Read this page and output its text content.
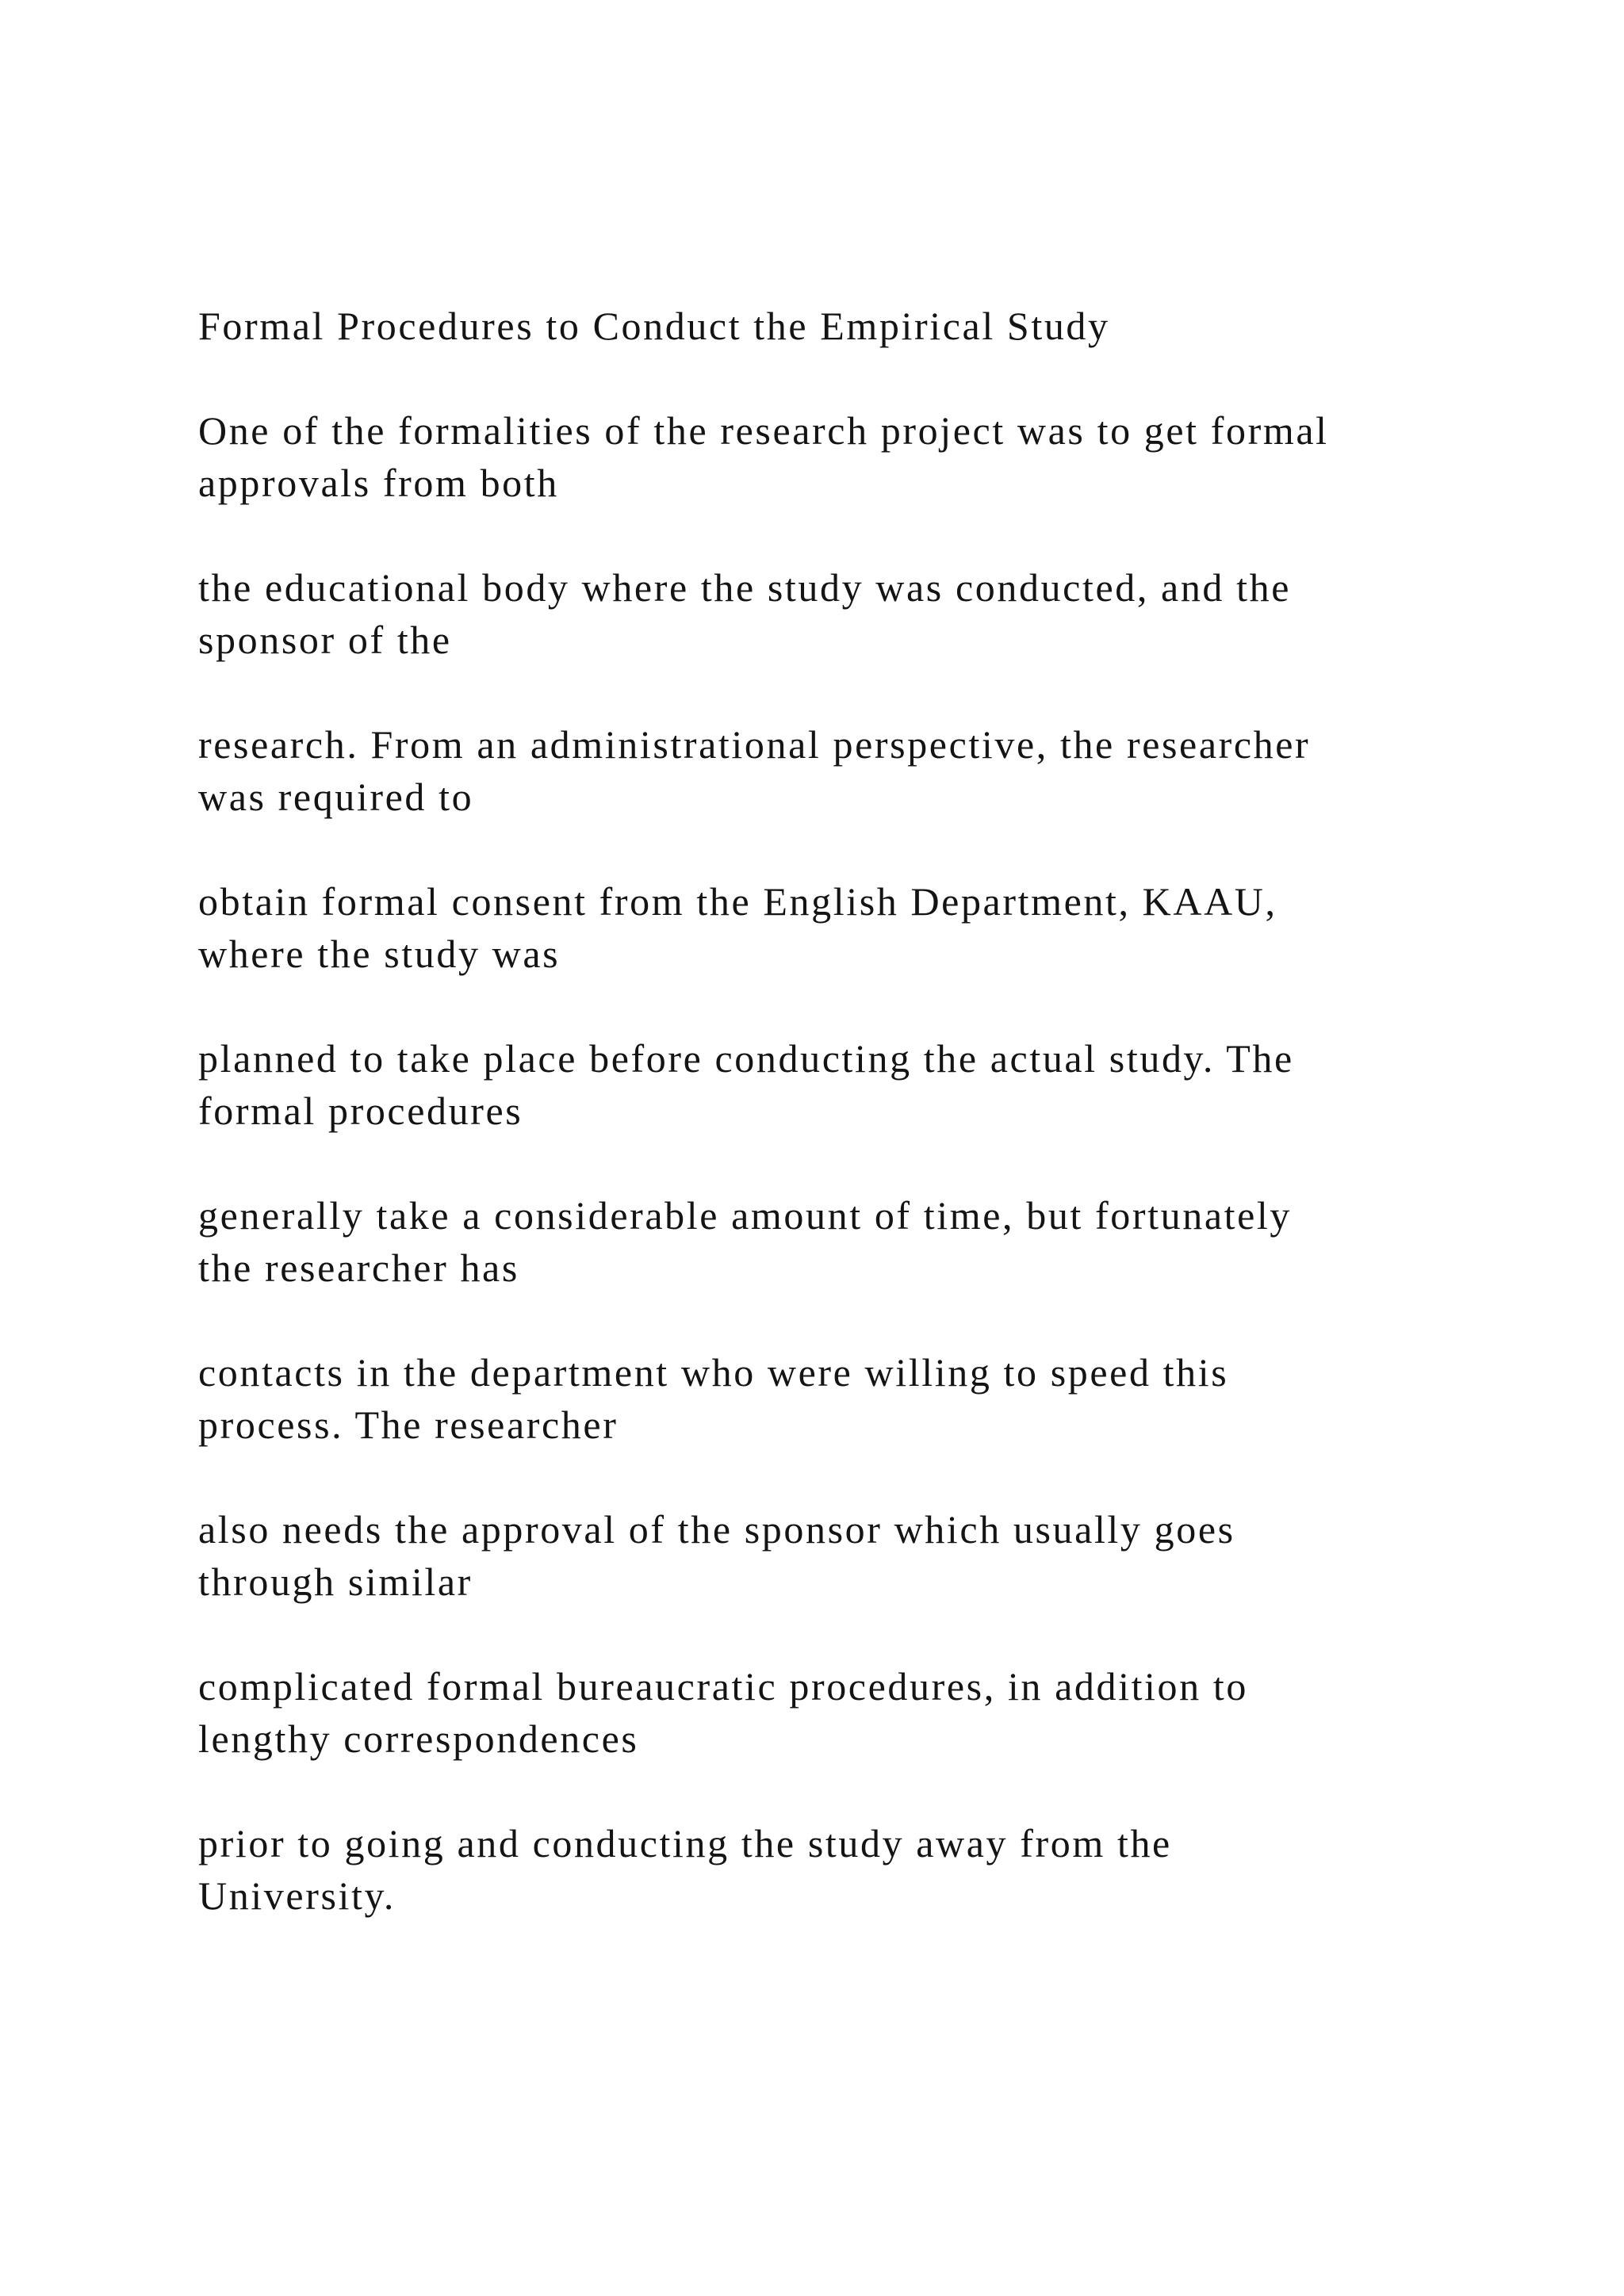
Formal Procedures to Conduct the Empirical Study
One of the formalities of the research project was to get formal
approvals from both
the educational body where the study was conducted, and the
sponsor of the
research. From an administrational perspective, the researcher
was required to
obtain formal consent from the English Department, KAAU,
where the study was
planned to take place before conducting the actual study. The
formal procedures
generally take a considerable amount of time, but fortunately
the researcher has
contacts in the department who were willing to speed this
process. The researcher
also needs the approval of the sponsor which usually goes
through similar
complicated formal bureaucratic procedures, in addition to
lengthy correspondences
prior to going and conducting the study away from the
University.
